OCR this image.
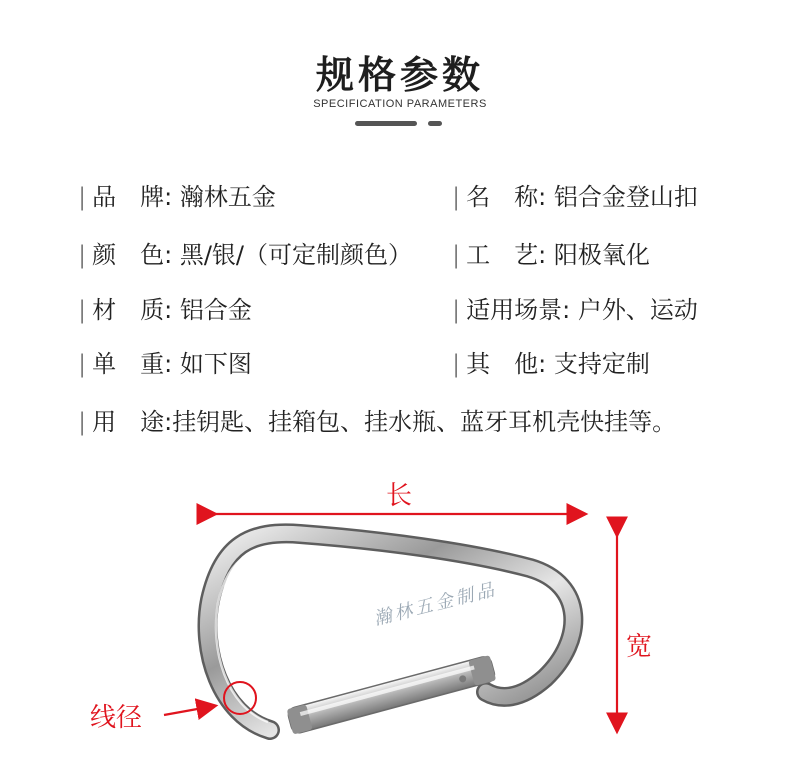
规格参数
SPECIFICATION PARAMETERS
| 品　牌: 瀚林五金
| 颜　色: 黑/银/（可定制颜色）
| 材　质: 铝合金
| 单　重: 如下图
| 用　途:挂钥匙、挂箱包、挂水瓶、蓝牙耳机壳快挂等。
| 名　称: 铝合金登山扣
| 工　艺: 阳极氧化
| 适用场景: 户外、运动
| 其　他: 支持定制
瀚林五金制品
长
宽
线径
